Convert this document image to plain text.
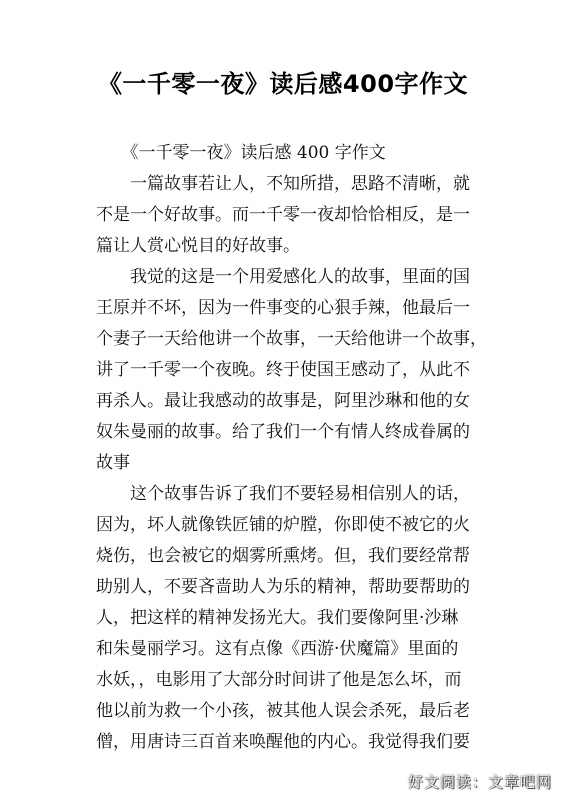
《一千零一夜》读后感400字作文
　　《一千零一夜》读后感 400 字作文
　　一篇故事若让人，不知所措，思路不清晰，就
不是一个好故事。而一千零一夜却恰恰相反，是一
篇让人赏心悦目的好故事。
　　我觉的这是一个用爱感化人的故事，里面的国
王原并不坏，因为一件事变的心狠手辣，他最后一
个妻子一天给他讲一个故事，一天给他讲一个故事，
讲了一千零一个夜晚。终于使国王感动了，从此不
再杀人。最让我感动的故事是，阿里沙琳和他的女
奴朱曼丽的故事。给了我们一个有情人终成眷属的
故事
　　这个故事告诉了我们不要轻易相信别人的话，
因为，坏人就像铁匠铺的炉膛，你即使不被它的火
烧伤，也会被它的烟雾所熏烤。但，我们要经常帮
助别人，不要吝啬助人为乐的精神，帮助要帮助的
人，把这样的精神发扬光大。我们要像阿里·沙琳
和朱曼丽学习。这有点像《西游·伏魔篇》里面的
水妖，，电影用了大部分时间讲了他是怎么坏，而
他以前为救一个小孩，被其他人误会杀死，最后老
僧，用唐诗三百首来唤醒他的内心。我觉得我们要
好文阅读：文章吧网
